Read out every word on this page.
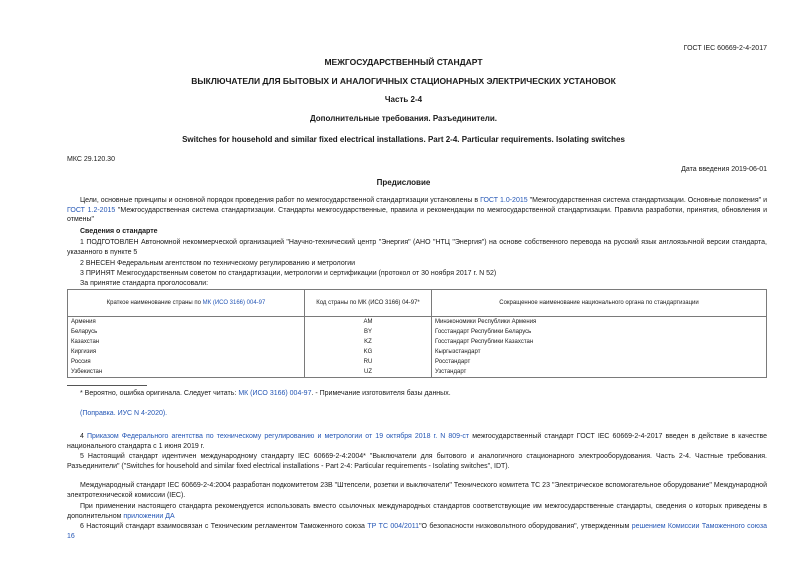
ГОСТ IEC 60669-2-4-2017
МЕЖГОСУДАРСТВЕННЫЙ СТАНДАРТ
ВЫКЛЮЧАТЕЛИ ДЛЯ БЫТОВЫХ И АНАЛОГИЧНЫХ СТАЦИОНАРНЫХ ЭЛЕКТРИЧЕСКИХ УСТАНОВОК
Часть 2-4
Дополнительные требования. Разъединители.
Switches for household and similar fixed electrical installations. Part 2-4. Particular requirements. Isolating switches
МКС 29.120.30
Дата введения 2019-06-01
Предисловие
Цели, основные принципы и основной порядок проведения работ по межгосударственной стандартизации установлены в ГОСТ 1.0-2015 "Межгосударственная система стандартизации. Основные положения" и ГОСТ 1.2-2015 "Межгосударственная система стандартизации. Стандарты межгосударственные, правила и рекомендации по межгосударственной стандартизации. Правила разработки, принятия, обновления и отмены"
Сведения о стандарте
1 ПОДГОТОВЛЕН Автономной некоммерческой организацией "Научно-технический центр "Энергия" (АНО "НТЦ "Энергия") на основе собственного перевода на русский язык англоязычной версии стандарта, указанного в пункте 5
2 ВНЕСЕН Федеральным агентством по техническому регулированию и метрологии
3 ПРИНЯТ Межгосударственным советом по стандартизации, метрологии и сертификации (протокол от 30 ноября 2017 г. N 52)
За принятие стандарта проголосовали:
Краткое наименование страны по МК (ИСО 3166) 004-97	Код страны по МК (ИСО 3166) 04-97*	Сокращенное наименование национального органа по стандартизации
Армения	AM	Минэкономики Республики Армения
Беларусь	BY	Госстандарт Республики Беларусь
Казахстан	KZ	Госстандарт Республики Казахстан
Киргизия	KG	Кыргызстандарт
Россия	RU	Росстандарт
Узбекистан	UZ	Узстандарт
* Вероятно, ошибка оригинала. Следует читать: МК (ИСО 3166) 004-97. - Примечание изготовителя базы данных.
(Поправка. ИУС N 4-2020).
4 Приказом Федерального агентства по техническому регулированию и метрологии от 19 октября 2018 г. N 809-ст межгосударственный стандарт ГОСТ IEC 60669-2-4-2017 введен в действие в качестве национального стандарта с 1 июня 2019 г.
5 Настоящий стандарт идентичен международному стандарту IEC 60669-2-4:2004* "Выключатели для бытового и аналогичного стационарного электрооборудования. Часть 2-4. Частные требования. Разъединители" ("Switches for household and similar fixed electrical installations - Part 2-4: Particular requirements - Isolating switches", IDT).
Международный стандарт IEC 60669-2-4:2004 разработан подкомитетом 23B "Штепсели, розетки и выключатели" Технического комитета ТС 23 "Электрическое вспомогательное оборудование" Международной электротехнической комиссии (IEC).
При применении настоящего стандарта рекомендуется использовать вместо ссылочных международных стандартов соответствующие им межгосударственные стандарты, сведения о которых приведены в дополнительном приложении ДА
6 Настоящий стандарт взаимосвязан с Техническим регламентом Таможенного союза ТР ТС 004/2011"О безопасности низковольтного оборудования", утвержденным решением Комиссии Таможенного союза 16
